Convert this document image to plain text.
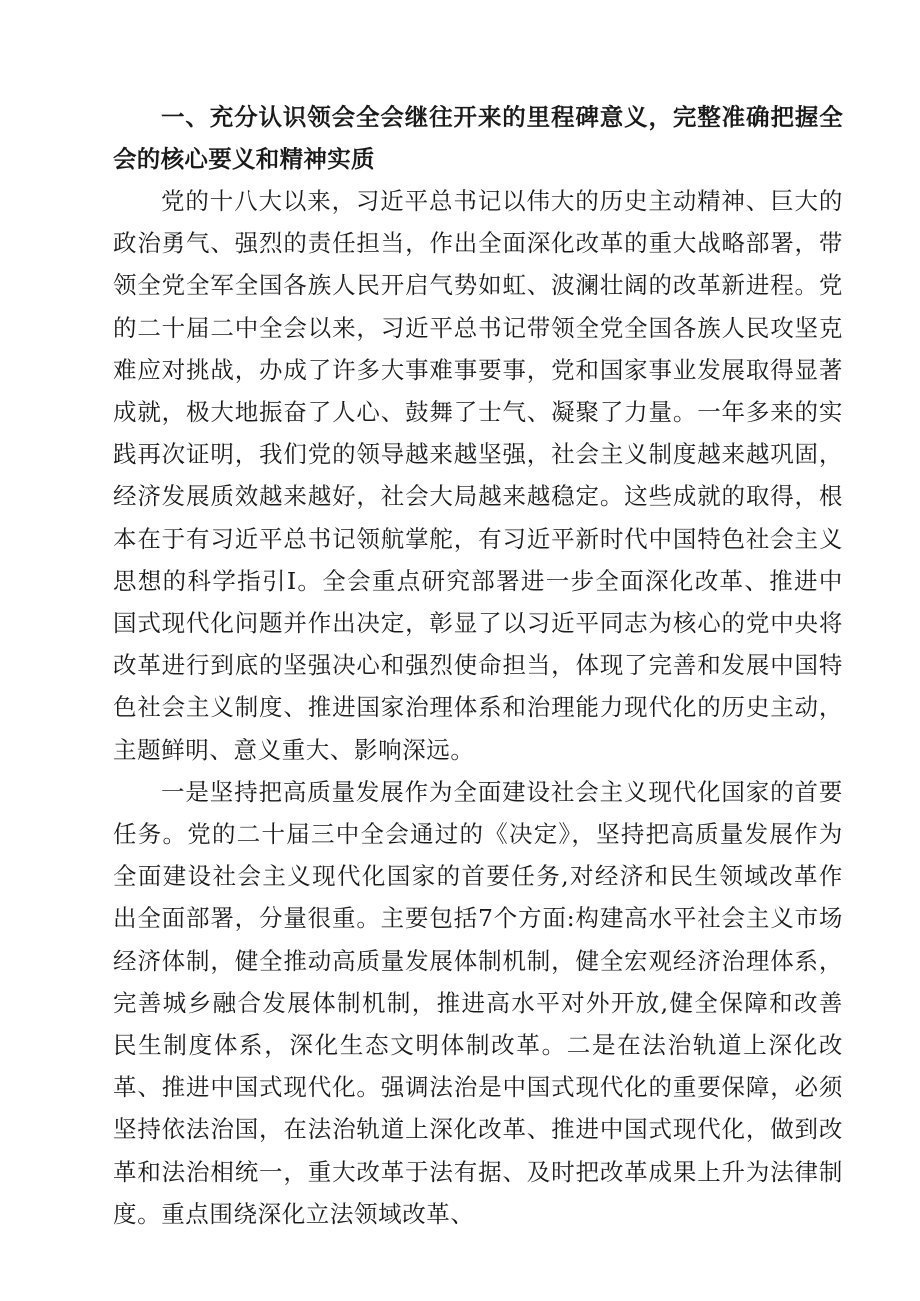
一、充分认识领会全会继往开来的里程碑意义，完整准确把握全会的核心要义和精神实质

党的十八大以来，习近平总书记以伟大的历史主动精神、巨大的政治勇气、强烈的责任担当，作出全面深化改革的重大战略部署，带领全党全军全国各族人民开启气势如虹、波澜壮阔的改革新进程。党的二十届二中全会以来，习近平总书记带领全党全国各族人民攻坚克难应对挑战，办成了许多大事难事要事，党和国家事业发展取得显著成就，极大地振奋了人心、鼓舞了士气、凝聚了力量。一年多来的实践再次证明，我们党的领导越来越坚强，社会主义制度越来越巩固，经济发展质效越来越好，社会大局越来越稳定。这些成就的取得，根本在于有习近平总书记领航掌舵，有习近平新时代中国特色社会主义思想的科学指引I。全会重点研究部署进一步全面深化改革、推进中国式现代化问题并作出决定，彰显了以习近平同志为核心的党中央将改革进行到底的坚强决心和强烈使命担当，体现了完善和发展中国特色社会主义制度、推进国家治理体系和治理能力现代化的历史主动，主题鲜明、意义重大、影响深远。

一是坚持把高质量发展作为全面建设社会主义现代化国家的首要任务。党的二十届三中全会通过的《决定》，坚持把高质量发展作为全面建设社会主义现代化国家的首要任务,对经济和民生领域改革作出全面部署，分量很重。主要包括7个方面:构建高水平社会主义市场经济体制，健全推动高质量发展体制机制，健全宏观经济治理体系，完善城乡融合发展体制机制，推进高水平对外开放,健全保障和改善民生制度体系，深化生态文明体制改革。二是在法治轨道上深化改革、推进中国式现代化。强调法治是中国式现代化的重要保障，必须坚持依法治国，在法治轨道上深化改革、推进中国式现代化，做到改革和法治相统一，重大改革于法有据、及时把改革成果上升为法律制度。重点围绕深化立法领域改革、
